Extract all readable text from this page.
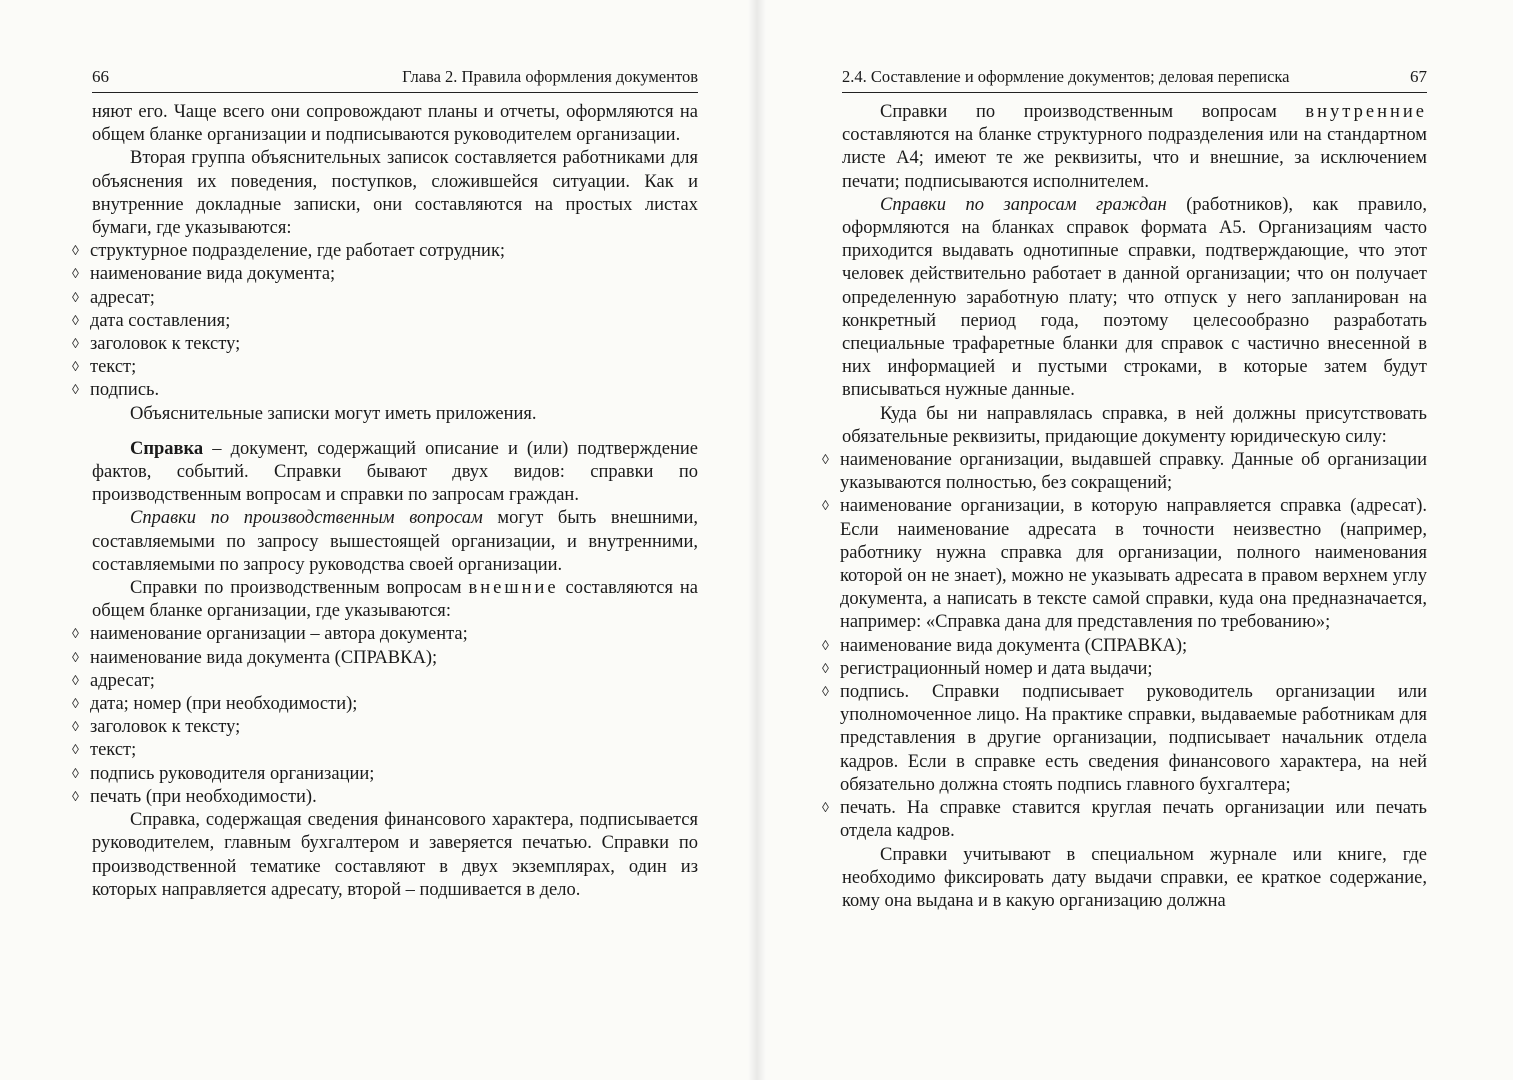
66	Глава 2. Правила оформления документов

няют его. Чаще всего они сопровождают планы и отчеты, оформляются на общем бланке организации и подписываются руководителем организации.

Вторая группа объяснительных записок составляется работниками для объяснения их поведения, поступков, сложившейся ситуации. Как и внутренние докладные записки, они составляются на простых листах бумаги, где указываются:

◊ структурное подразделение, где работает сотрудник;
◊ наименование вида документа;
◊ адресат;
◊ дата составления;
◊ заголовок к тексту;
◊ текст;
◊ подпись.

Объяснительные записки могут иметь приложения.

Справка – документ, содержащий описание и (или) подтверждение фактов, событий. Справки бывают двух видов: справки по производственным вопросам и справки по запросам граждан.

Справки по производственным вопросам могут быть внешними, составляемыми по запросу вышестоящей организации, и внутренними, составляемыми по запросу руководства своей организации.

Справки по производственным вопросам внешние составляются на общем бланке организации, где указываются:

◊ наименование организации – автора документа;
◊ наименование вида документа (СПРАВКА);
◊ адресат;
◊ дата; номер (при необходимости);
◊ заголовок к тексту;
◊ текст;
◊ подпись руководителя организации;
◊ печать (при необходимости).

Справка, содержащая сведения финансового характера, подписывается руководителем, главным бухгалтером и заверяется печатью. Справки по производственной тематике составляют в двух экземплярах, один из которых направляется адресату, второй – подшивается в дело.

2.4. Составление и оформление документов; деловая переписка	67

Справки по производственным вопросам внутренние составляются на бланке структурного подразделения или на стандартном листе А4; имеют те же реквизиты, что и внешние, за исключением печати; подписываются исполнителем.

Справки по запросам граждан (работников), как правило, оформляются на бланках справок формата А5. Организациям часто приходится выдавать однотипные справки, подтверждающие, что этот человек действительно работает в данной организации; что он получает определенную заработную плату; что отпуск у него запланирован на конкретный период года, поэтому целесообразно разработать специальные трафаретные бланки для справок с частично внесенной в них информацией и пустыми строками, в которые затем будут вписываться нужные данные.

Куда бы ни направлялась справка, в ней должны присутствовать обязательные реквизиты, придающие документу юридическую силу:

◊ наименование организации, выдавшей справку. Данные об организации указываются полностью, без сокращений;
◊ наименование организации, в которую направляется справка (адресат). Если наименование адресата в точности неизвестно (например, работнику нужна справка для организации, полного наименования которой он не знает), можно не указывать адресата в правом верхнем углу документа, а написать в тексте самой справки, куда она предназначается, например: «Справка дана для представления по требованию»;
◊ наименование вида документа (СПРАВКА);
◊ регистрационный номер и дата выдачи;
◊ подпись. Справки подписывает руководитель организации или уполномоченное лицо. На практике справки, выдаваемые работникам для представления в другие организации, подписывает начальник отдела кадров. Если в справке есть сведения финансового характера, на ней обязательно должна стоять подпись главного бухгалтера;
◊ печать. На справке ставится круглая печать организации или печать отдела кадров.

Справки учитывают в специальном журнале или книге, где необходимо фиксировать дату выдачи справки, ее краткое содержание, кому она выдана и в какую организацию должна
